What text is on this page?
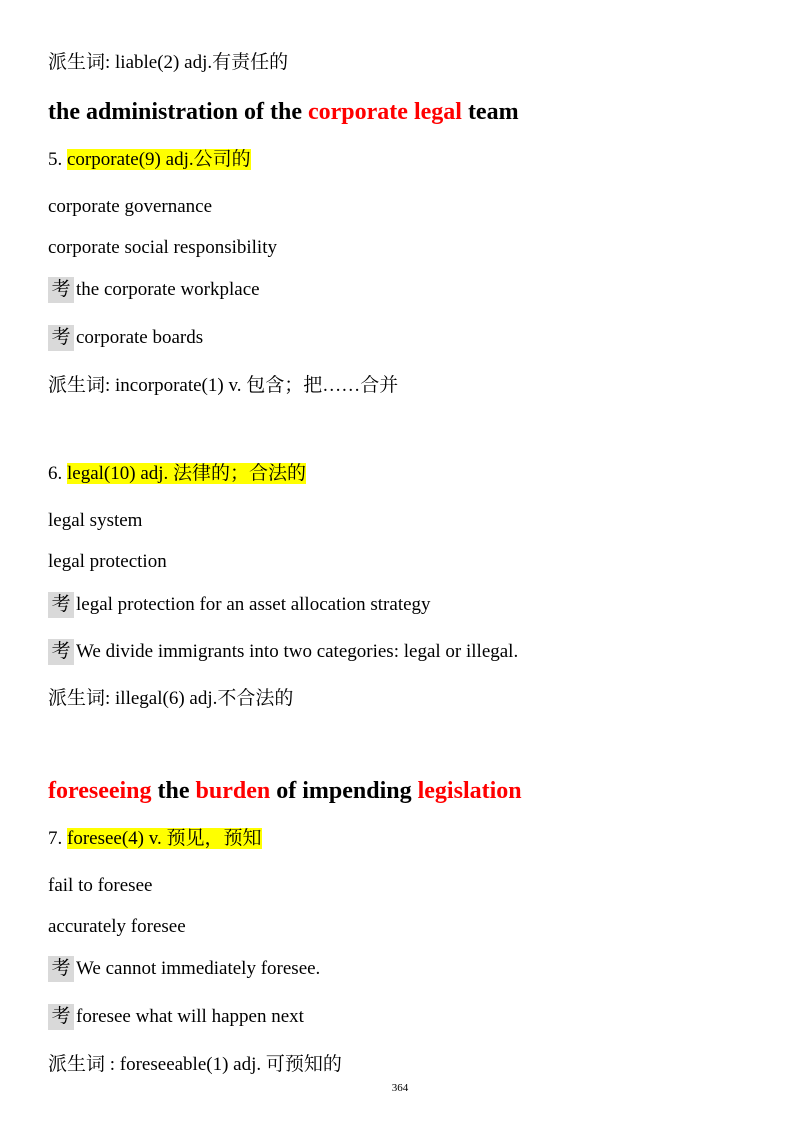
派生词: liable(2) adj.有责任的
the administration of the corporate legal team
5. corporate(9) adj.公司的
corporate governance
corporate social responsibility
考 the corporate workplace
考 corporate boards
派生词: incorporate(1) v. 包含；把……合并
6. legal(10) adj. 法律的；合法的
legal system
legal protection
考 legal protection for an asset allocation strategy
考 We divide immigrants into two categories: legal or illegal.
派生词: illegal(6) adj.不合法的
foreseeing the burden of impending legislation
7. foresee(4) v. 预见，预知
fail to foresee
accurately foresee
考 We cannot immediately foresee.
考 foresee what will happen next
派生词 : foreseeable(1) adj. 可预知的
364
